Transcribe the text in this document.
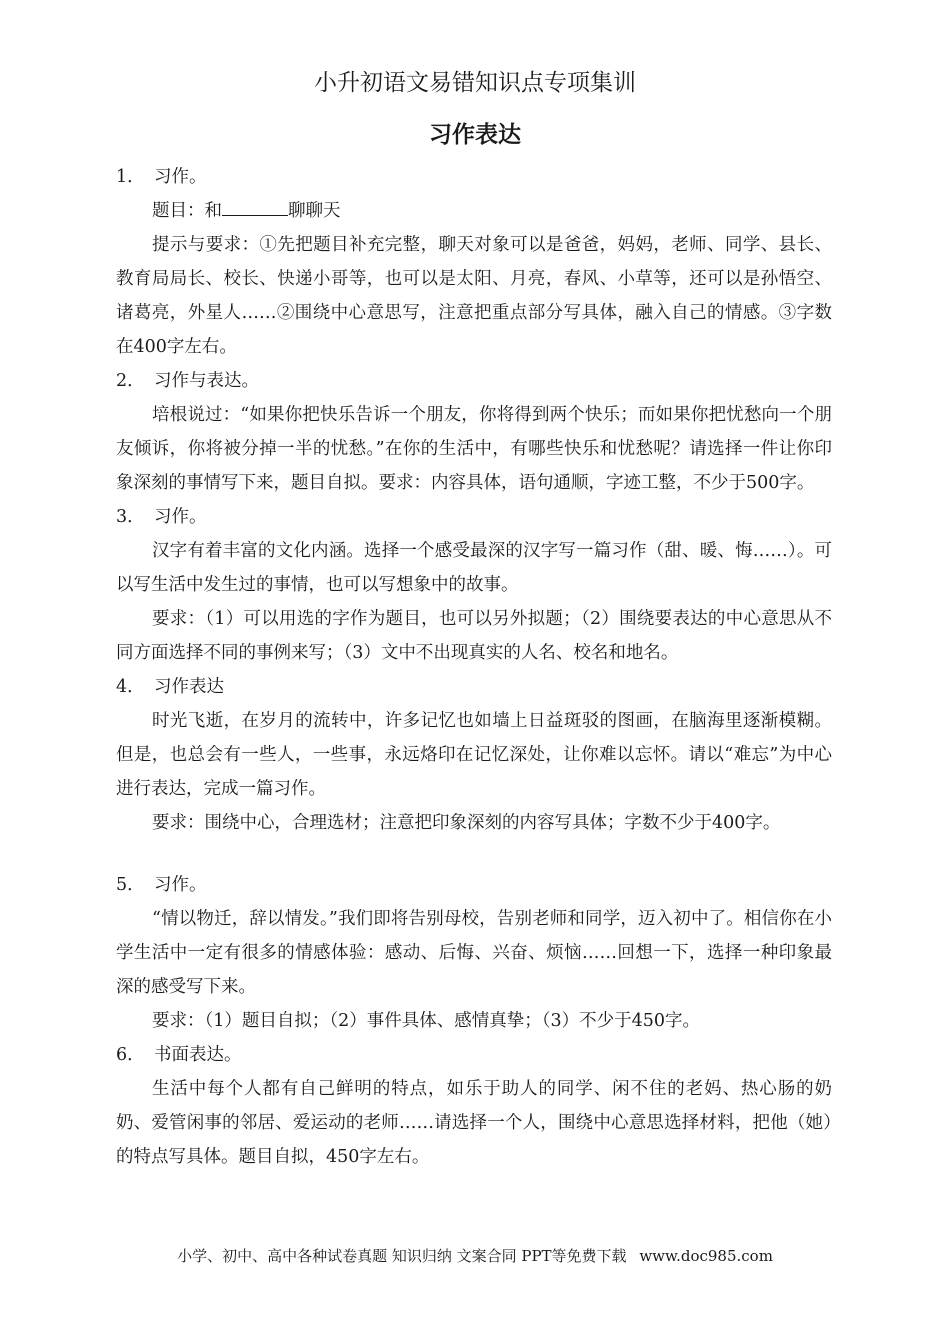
小升初语文易错知识点专项集训
习作表达
1． 习作。

题目：和	聊聊天

提示与要求：①先把题目补充完整，聊天对象可以是爸爸，妈妈，老师、同学、县长、教育局局长、校长、快递小哥等，也可以是太阳、月亮，春风、小草等，还可以是孙悟空、诸葛亮，外星人……②围绕中心意思写，注意把重点部分写具体，融入自己的情感。③字数在400字左右。

2． 习作与表达。

培根说过：“如果你把快乐告诉一个朋友，你将得到两个快乐；而如果你把忧愁向一个朋友倾诉，你将被分掉一半的忧愁。”在你的生活中，有哪些快乐和忧愁呢？请选择一件让你印象深刻的事情写下来，题目自拟。要求：内容具体，语句通顺，字迹工整，不少于500字。

3． 习作。

汉字有着丰富的文化内涵。选择一个感受最深的汉字写一篇习作（甜、暖、悔……）。可以写生活中发生过的事情，也可以写想象中的故事。

要求：（1）可以用选的字作为题目，也可以另外拟题；（2）围绕要表达的中心意思从不同方面选择不同的事例来写；（3）文中不出现真实的人名、校名和地名。

4． 习作表达

时光飞逝，在岁月的流转中，许多记忆也如墙上日益斑驳的图画，在脑海里逐渐模糊。但是，也总会有一些人，一些事，永远烙印在记忆深处，让你难以忘怀。请以“难忘”为中心进行表达，完成一篇习作。

要求：围绕中心，合理选材；注意把印象深刻的内容写具体；字数不少于400字。

5． 习作。

“情以物迁，辞以情发。”我们即将告别母校，告别老师和同学，迈入初中了。相信你在小学生活中一定有很多的情感体验：感动、后悔、兴奋、烦恼……回想一下，选择一种印象最深的感受写下来。

要求：（1）题目自拟；（2）事件具体、感情真挚；（3）不少于450字。

6． 书面表达。

生活中每个人都有自己鲜明的特点，如乐于助人的同学、闲不住的老妈、热心肠的奶奶、爱管闲事的邻居、爱运动的老师……请选择一个人，围绕中心意思选择材料，把他（她）的特点写具体。题目自拟，450字左右。

小学、初中、高中各种试卷真题 知识归纳 文案合同 PPT等免费下载 www.doc985.com
